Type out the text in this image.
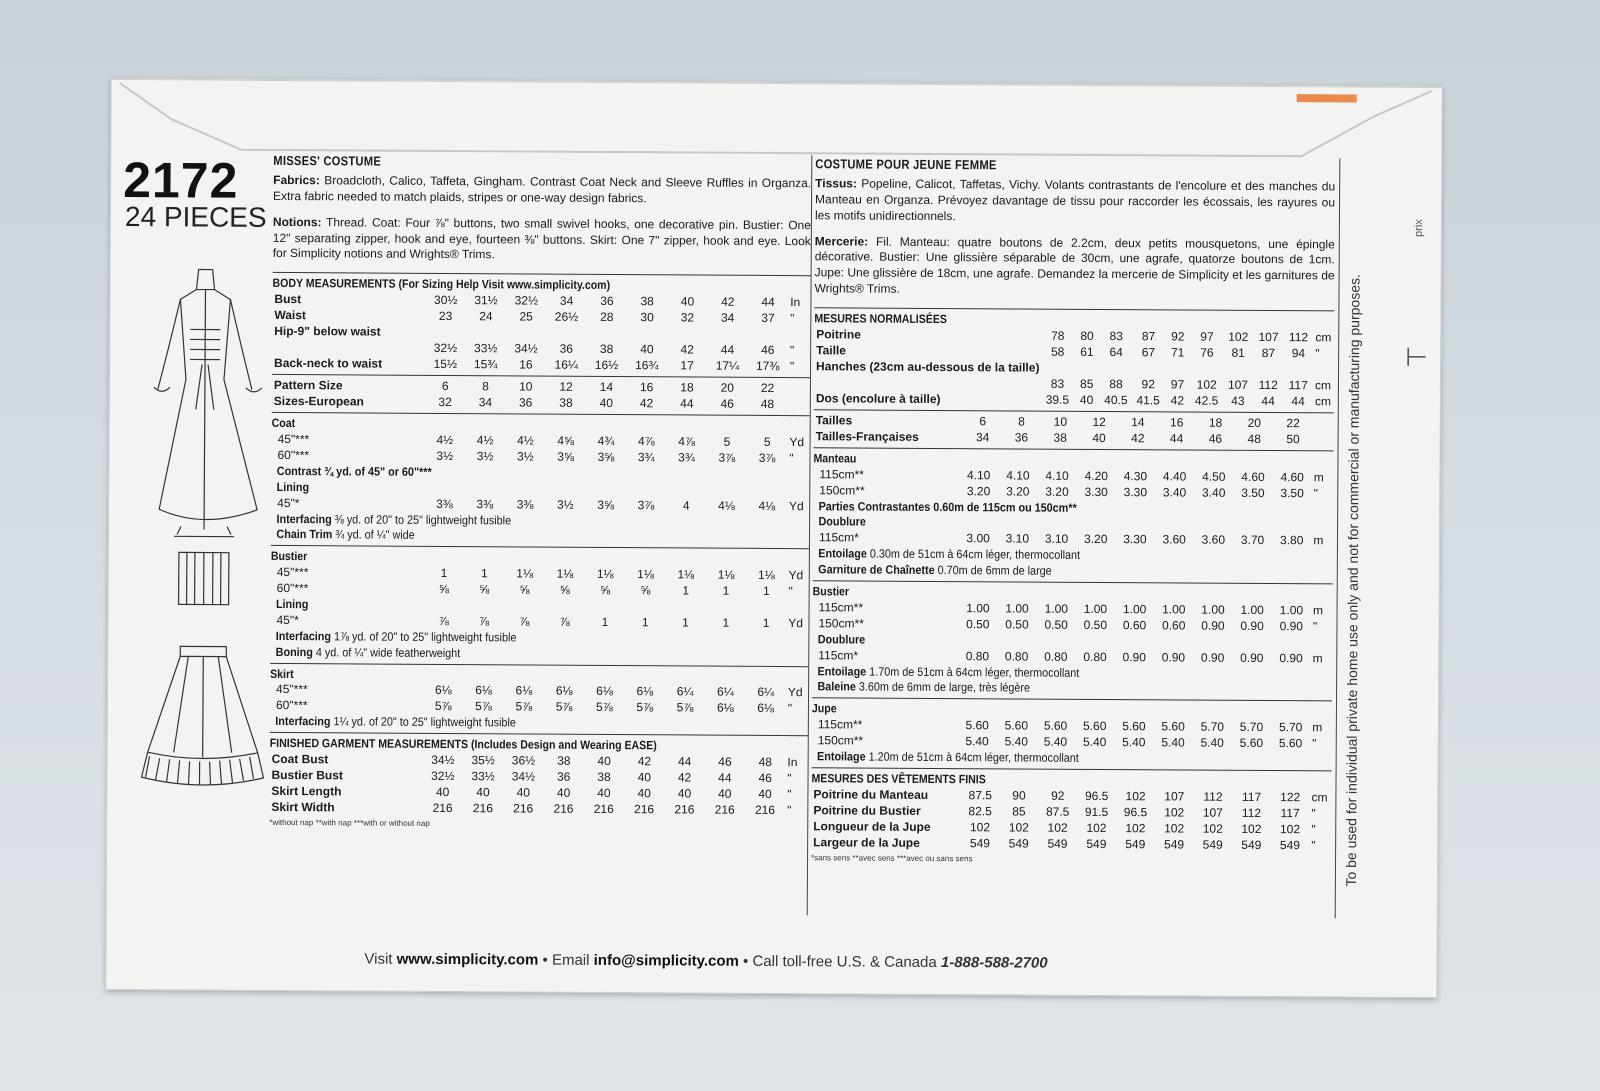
2172
24 PIECES
MISSES' COSTUME
Fabrics: Broadcloth, Calico, Taffeta, Gingham. Contrast Coat Neck and Sleeve Ruffles in Organza. Extra fabric needed to match plaids, stripes or one-way design fabrics.
Notions: Thread. Coat: Four ⅞" buttons, two small swivel hooks, one decorative pin. Bustier: One 12" separating zipper, hook and eye, fourteen ⅜" buttons. Skirt: One 7" zipper, hook and eye. Look for Simplicity notions and Wrights® Trims.
BODY MEASUREMENTS (For Sizing Help Visit www.simplicity.com)
Bust	30½	31½	32½	34	36	38	40	42	44	In
Waist	23	24	25	26½	28	30	32	34	37	"
Hip-9" below waist										
	32½	33½	34½	36	38	40	42	44	46	"
Back-neck to waist	15½	15¾	16	16¼	16½	16¾	17	17¼	17⅜	"
Pattern Size	6	8	10	12	14	16	18	20	22	
Sizes-European	32	34	36	38	40	42	44	46	48	
Coat
45"***	4½	4½	4½	4⅝	4¾	4⅞	4⅞	5	5	Yd
60"***	3½	3½	3½	3⅝	3⅝	3¾	3¾	3⅞	3⅞	"
Contrast ¾ yd. of 45" or 60"***
Lining
45"*	3⅜	3⅜	3⅜	3½	3⅝	3⅞	4	4⅛	4⅛	Yd
Interfacing ⅜ yd. of 20" to 25" lightweight fusible
Chain Trim ¾ yd. of ¼" wide
Bustier
45"***	1	1	1⅛	1⅛	1⅛	1⅛	1⅛	1⅛	1⅛	Yd
60"***	⅝	⅝	⅝	⅝	⅝	⅝	1	1	1	"
Lining
45"*	⅞	⅞	⅞	⅞	1	1	1	1	1	Yd
Interfacing 1⅞ yd. of 20" to 25" lightweight fusible
Boning 4 yd. of ¼" wide featherweight
Skirt
45"***	6⅛	6⅛	6⅛	6⅛	6⅛	6⅛	6¼	6¼	6¼	Yd
60"***	5⅞	5⅞	5⅞	5⅞	5⅞	5⅞	5⅞	6⅛	6⅛	"
Interfacing 1¼ yd. of 20" to 25" lightweight fusible
FINISHED GARMENT MEASUREMENTS (Includes Design and Wearing EASE)
Coat Bust	34½	35½	36½	38	40	42	44	46	48	In
Bustier Bust	32½	33½	34½	36	38	40	42	44	46	"
Skirt Length	40	40	40	40	40	40	40	40	40	"
Skirt Width	216	216	216	216	216	216	216	216	216	"
*without nap **with nap ***with or without nap
COSTUME POUR JEUNE FEMME
Tissus: Popeline, Calicot, Taffetas, Vichy. Volants contrastants de l'encolure et des manches du Manteau en Organza. Prévoyez davantage de tissu pour raccorder les écossais, les rayures ou les motifs unidirectionnels.
Mercerie: Fil. Manteau: quatre boutons de 2.2cm, deux petits mousquetons, une épingle décorative. Bustier: Une glissière séparable de 30cm, une agrafe, quatorze boutons de 1cm. Jupe: Une glissière de 18cm, une agrafe. Demandez la mercerie de Simplicity et les garnitures de Wrights® Trims.
MESURES NORMALISÉES
Poitrine	78	80	83	87	92	97	102	107	112	cm
Taille	58	61	64	67	71	76	81	87	94	"
Hanches (23cm au-dessous de la taille)										
	83	85	88	92	97	102	107	112	117	cm
Dos (encolure à taille)	39.5	40	40.5	41.5	42	42.5	43	44	44	cm
Tailles	6	8	10	12	14	16	18	20	22	
Tailles-Françaises	34	36	38	40	42	44	46	48	50	
Manteau
115cm**	4.10	4.10	4.10	4.20	4.30	4.40	4.50	4.60	4.60	m
150cm**	3.20	3.20	3.20	3.30	3.30	3.40	3.40	3.50	3.50	"
Parties Contrastantes 0.60m de 115cm ou 150cm**
Doublure
115cm*	3.00	3.10	3.10	3.20	3.30	3.60	3.60	3.70	3.80	m
Entoilage 0.30m de 51cm à 64cm léger, thermocollant
Garniture de Chaînette 0.70m de 6mm de large
Bustier
115cm**	1.00	1.00	1.00	1.00	1.00	1.00	1.00	1.00	1.00	m
150cm**	0.50	0.50	0.50	0.50	0.60	0.60	0.90	0.90	0.90	"
Doublure
115cm*	0.80	0.80	0.80	0.80	0.90	0.90	0.90	0.90	0.90	m
Entoilage 1.70m de 51cm à 64cm léger, thermocollant
Baleine 3.60m de 6mm de large, très légère
Jupe
115cm**	5.60	5.60	5.60	5.60	5.60	5.60	5.70	5.70	5.70	m
150cm**	5.40	5.40	5.40	5.40	5.40	5.40	5.40	5.60	5.60	"
Entoilage 1.20m de 51cm à 64cm léger, thermocollant
MESURES DES VÊTEMENTS FINIS
Poitrine du Manteau	87.5	90	92	96.5	102	107	112	117	122	cm
Poitrine du Bustier	82.5	85	87.5	91.5	96.5	102	107	112	117	"
Longueur de la Jupe	102	102	102	102	102	102	102	102	102	"
Largeur de la Jupe	549	549	549	549	549	549	549	549	549	"
*sans sens **avec sens ***avec ou sans sens	To be used for individual private home use only and not for commercial or manufacturing purposes.
prix
⊢
Visit www.simplicity.com • Email info@simplicity.com • Call toll-free U.S. & Canada 1-888-588-2700
